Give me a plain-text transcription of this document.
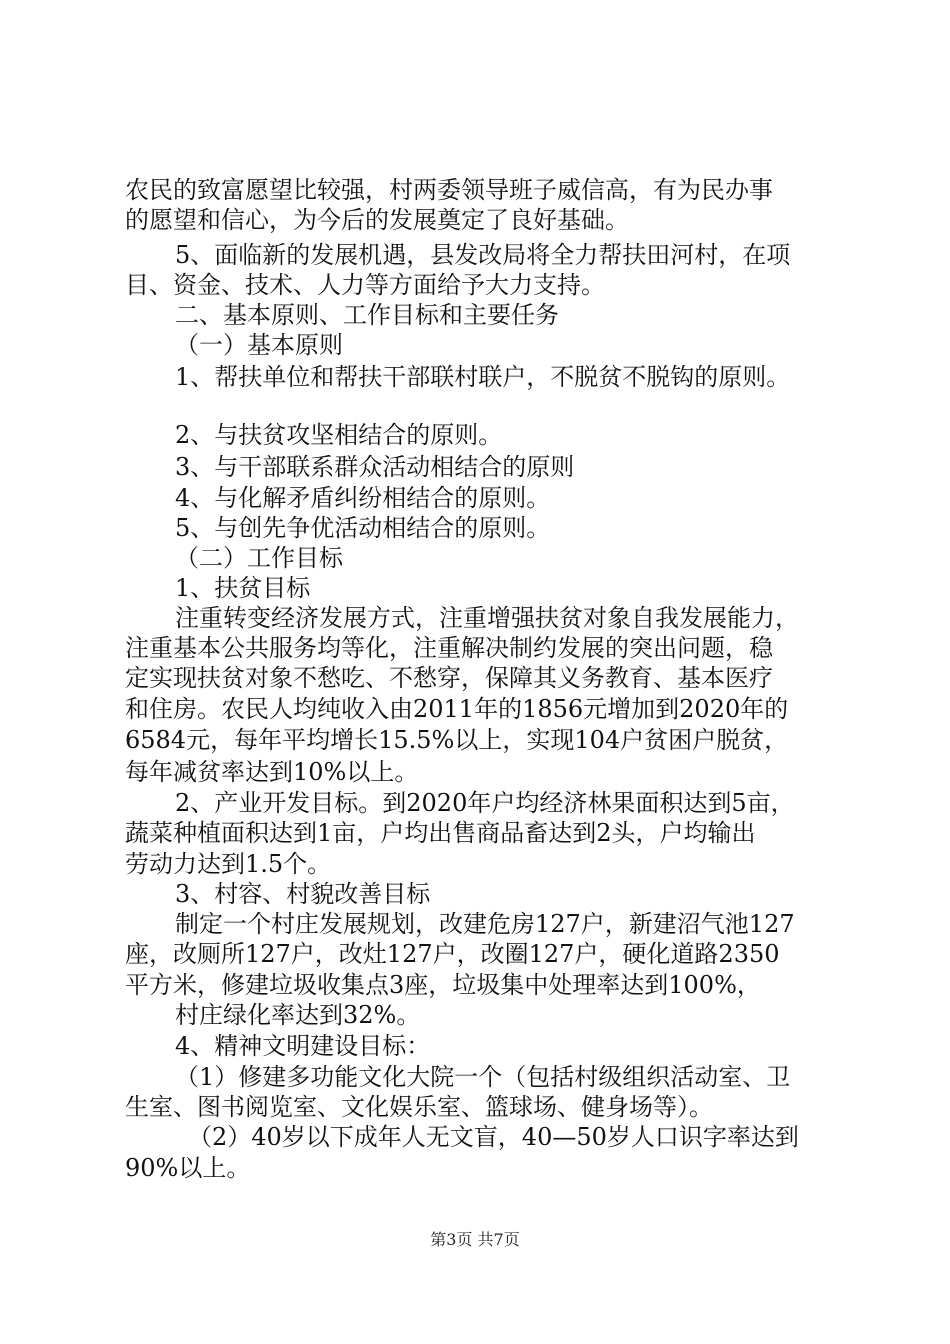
农民的致富愿望比较强，村两委领导班子威信高，有为民办事
的愿望和信心，为今后的发展奠定了良好基础。
5、面临新的发展机遇，县发改局将全力帮扶田河村，在项
目、资金、技术、人力等方面给予大力支持。
二、基本原则、工作目标和主要任务
（一）基本原则
1、帮扶单位和帮扶干部联村联户，不脱贫不脱钩的原则。
2、与扶贫攻坚相结合的原则。
3、与干部联系群众活动相结合的原则
4、与化解矛盾纠纷相结合的原则。
5、与创先争优活动相结合的原则。
（二）工作目标
1、扶贫目标
注重转变经济发展方式，注重增强扶贫对象自我发展能力，
注重基本公共服务均等化，注重解决制约发展的突出问题，稳
定实现扶贫对象不愁吃、不愁穿，保障其义务教育、基本医疗
和住房。农民人均纯收入由2011年的1856元增加到2020年的
6584元，每年平均增长15.5%以上，实现104户贫困户脱贫，
每年减贫率达到10%以上。
2、产业开发目标。到2020年户均经济林果面积达到5亩，
蔬菜种植面积达到1亩，户均出售商品畜达到2头，户均输出
劳动力达到1.5个。
3、村容、村貌改善目标
制定一个村庄发展规划，改建危房127户，新建沼气池127
座，改厕所127户，改灶127户，改圈127户，硬化道路2350
平方米，修建垃圾收集点3座，垃圾集中处理率达到100%，
村庄绿化率达到32%。
4、精神文明建设目标：
（1）修建多功能文化大院一个（包括村级组织活动室、卫
生室、图书阅览室、文化娱乐室、篮球场、健身场等）。
（2）40岁以下成年人无文盲，40—50岁人口识字率达到
90%以上。
第3页 共7页
